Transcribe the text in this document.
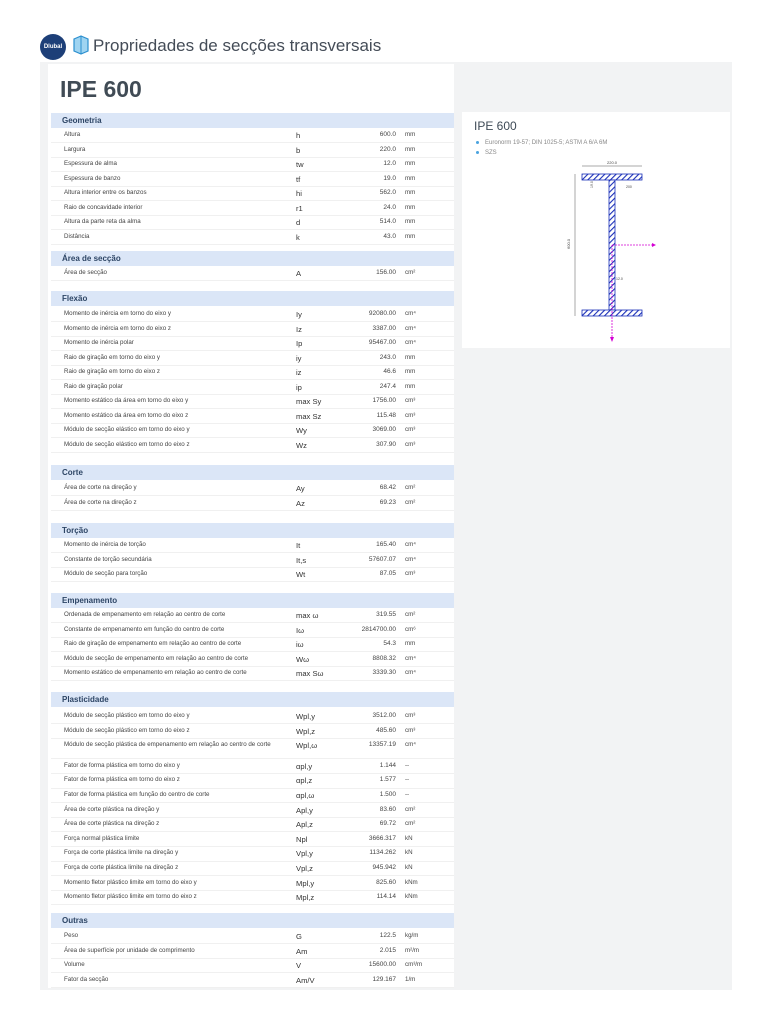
Dlubal Propriedades de secções transversais
IPE 600
Geometria
Altura	h	600.0	mm
Largura	b	220.0	mm
Espessura de alma	tw	12.0	mm
Espessura de banzo	tf	19.0	mm
Altura interior entre os banzos	hi	562.0	mm
Raio de concavidade interior	r1	24.0	mm
Altura da parte reta da alma	d	514.0	mm
Distância	k	43.0	mm
Área de secção
Área de secção	A	156.00	cm²
Flexão
Momento de inércia em torno do eixo y	Iy	92080.00	cm⁴
Momento de inércia em torno do eixo z	Iz	3387.00	cm⁴
Momento de inércia polar	Ip	95467.00	cm⁴
Raio de giração em torno do eixo y	iy	243.0	mm
Raio de giração em torno do eixo z	iz	46.6	mm
Raio de giração polar	ip	247.4	mm
Momento estático da área em torno do eixo y	max Sy	1756.00	cm³
Momento estático da área em torno do eixo z	max Sz	115.48	cm³
Módulo de secção elástico em torno do eixo y	Wy	3069.00	cm³
Módulo de secção elástico em torno do eixo z	Wz	307.90	cm³
Corte
Área de corte na direção y	Ay	68.42	cm²
Área de corte na direção z	Az	69.23	cm²
Torção
Momento de inércia de torção	It	165.40	cm⁴
Constante de torção secundária	It,s	57607.07	cm⁴
Módulo de secção para torção	Wt	87.05	cm³
Empenamento
Ordenada de empenamento em relação ao centro de corte	max ω	319.55	cm²
Constante de empenamento em função do centro de corte	Iω	2814700.00	cm⁶
Raio de giração de empenamento em relação ao centro de corte	iω	54.3	mm
Módulo de secção de empenamento em relação ao centro de corte	Wω	8808.32	cm⁴
Momento estático de empenamento em relação ao centro de corte	max Sω	3339.30	cm⁴
Plasticidade
Módulo de secção plástico em torno do eixo y	Wpl,y	3512.00	cm³
Módulo de secção plástico em torno do eixo z	Wpl,z	485.60	cm³
Módulo de secção plástica de empenamento em relação ao centro de corte	Wpl,ω	13357.19	cm⁴
Fator de forma plástica em torno do eixo y	αpl,y	1.144	--
Fator de forma plástica em torno do eixo z	αpl,z	1.577	--
Fator de forma plástica em função do centro de corte	αpl,ω	1.500	--
Área de corte plástica na direção y	Apl,y	83.60	cm²
Área de corte plástica na direção z	Apl,z	69.72	cm²
Força normal plástica limite	Npl	3666.317	kN
Força de corte plástica limite na direção y	Vpl,y	1134.262	kN
Força de corte plástica limite na direção z	Vpl,z	945.942	kN
Momento fletor plástico limite em torno do eixo y	Mpl,y	825.60	kNm
Momento fletor plástico limite em torno do eixo z	Mpl,z	114.14	kNm
Outras
Peso	G	122.5	kg/m
Área de superfície por unidade de comprimento	Am	2.015	m²/m
Volume	V	15600.00	cm³/m
Fator da secção	Am/V	129.167	1/m
IPE 600
Euronorm 19-57; DIN 1025-5; ASTM A 6/A 6M
SZS
220.0
600.0
19.0	200
12.0
